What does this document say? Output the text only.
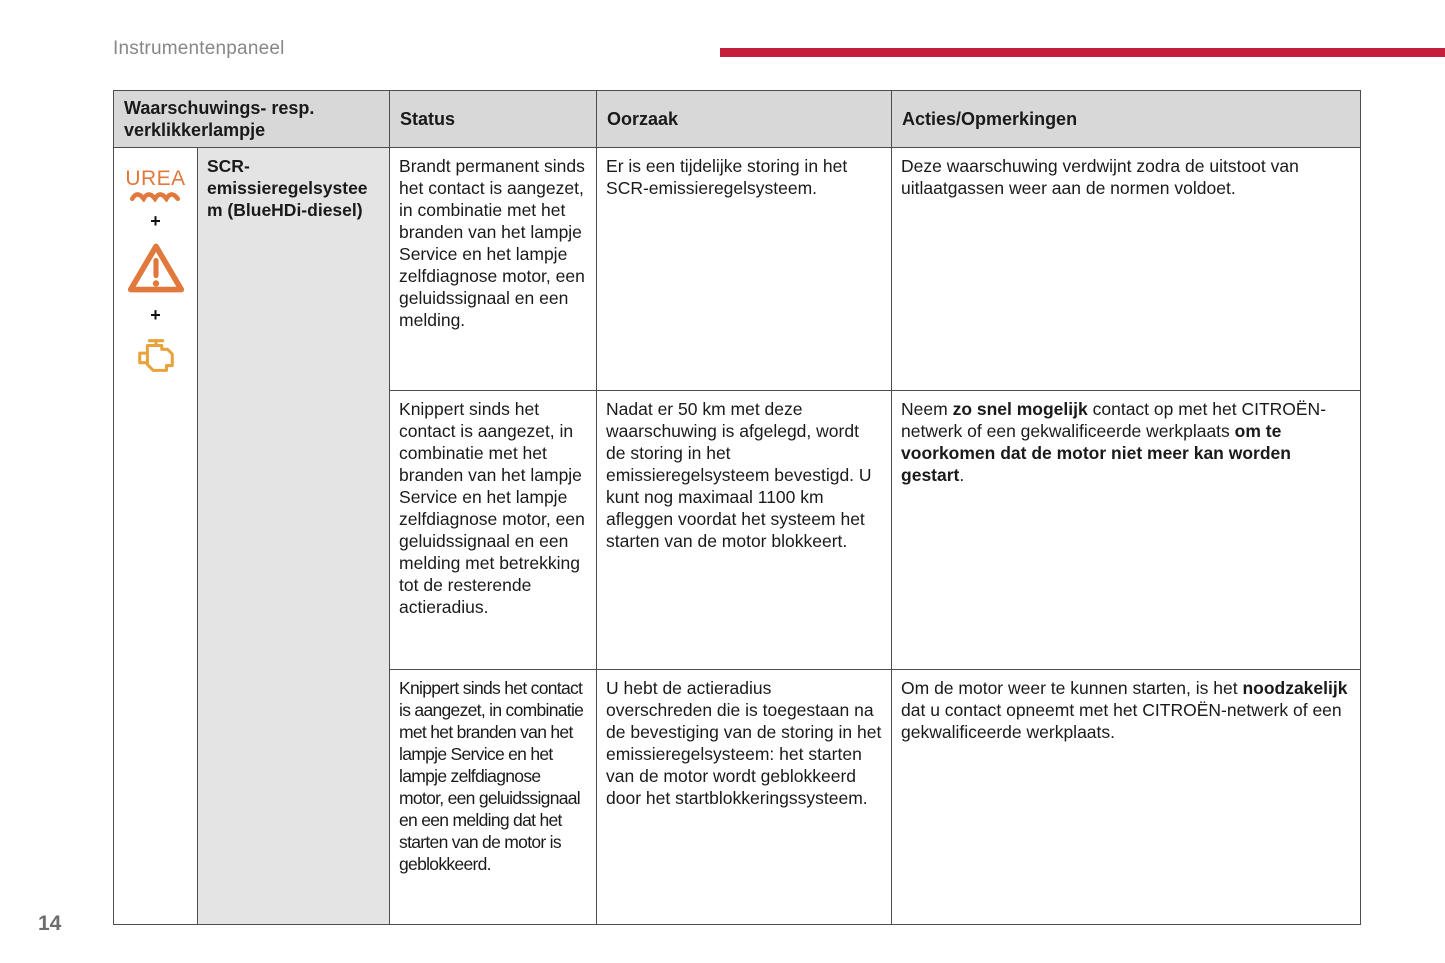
Instrumentenpaneel
Waarschuwings- resp. verklikkerlampje		Status	Oorzaak	Acties/Opmerkingen

UREA
+
+	SCR-emissieregelsysteem (BlueHDi-diesel)	Brandt permanent sinds het contact is aangezet, in combinatie met het branden van het lampje Service en het lampje zelfdiagnose motor, een geluidssignaal en een melding.	Er is een tijdelijke storing in het SCR-emissieregelsysteem.	Deze waarschuwing verdwijnt zodra de uitstoot van uitlaatgassen weer aan de normen voldoet.
		Knippert sinds het contact is aangezet, in combinatie met het branden van het lampje Service en het lampje zelfdiagnose motor, een geluidssignaal en een melding met betrekking tot de resterende actieradius.	Nadat er 50 km met deze waarschuwing is afgelegd, wordt de storing in het emissieregelsysteem bevestigd. U kunt nog maximaal 1100 km afleggen voordat het systeem het starten van de motor blokkeert.	Neem zo snel mogelijk contact op met het CITROËN-netwerk of een gekwalificeerde werkplaats om te voorkomen dat de motor niet meer kan worden gestart.
		Knippert sinds het contact is aangezet, in combinatie met het branden van het lampje Service en het lampje zelfdiagnose motor, een geluidssignaal en een melding dat het starten van de motor is geblokkeerd.	U hebt de actieradius overschreden die is toegestaan na de bevestiging van de storing in het emissieregelsysteem: het starten van de motor wordt geblokkeerd door het startblokkeringssysteem.	Om de motor weer te kunnen starten, is het noodzakelijk dat u contact opneemt met het CITROËN-netwerk of een gekwalificeerde werkplaats.
14
